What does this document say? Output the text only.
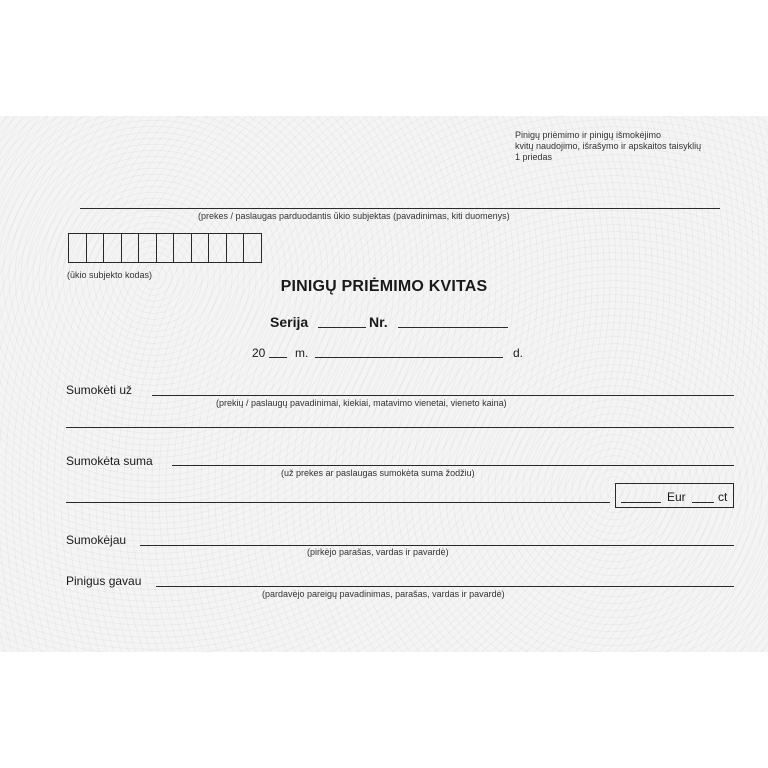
Pinigų priėmimo ir pinigų išmokėjimo
kvitų naudojimo, išrašymo ir apskaitos taisyklių
1 priedas
(prekes / paslaugas parduodantis ūkio subjektas (pavadinimas, kiti duomenys)
(ūkio subjekto kodas)
PINIGŲ PRIĖMIMO KVITAS
Serija	Nr.
20 m.	d.
Sumokėti už
(prekių / paslaugų pavadinimai, kiekiai, matavimo vienetai, vieneto kaina)
Sumokėta suma
(už prekes ar paslaugas sumokėta suma žodžiu)
Eur	ct
Sumokėjau
(pirkėjo parašas, vardas ir pavardė)
Pinigus gavau
(pardavėjo pareigų pavadinimas, parašas, vardas ir pavardė)
